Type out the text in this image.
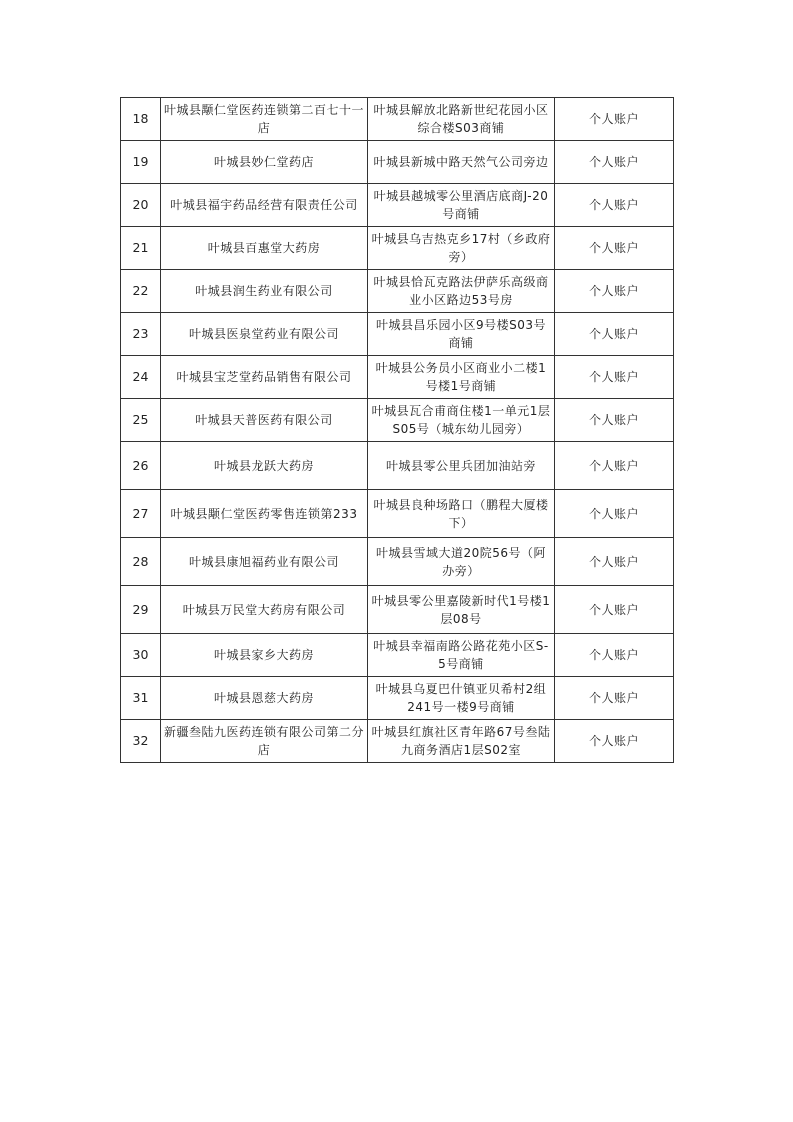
18	叶城县颙仁堂医药连锁第二百七十一店	叶城县解放北路新世纪花园小区综合楼S03商铺	个人账户
19	叶城县妙仁堂药店	叶城县新城中路天然气公司旁边	个人账户
20	叶城县福宇药品经营有限责任公司	叶城县越城零公里酒店底商J-20号商铺	个人账户
21	叶城县百惠堂大药房	叶城县乌吉热克乡17村（乡政府旁）	个人账户
22	叶城县润生药业有限公司	叶城县恰瓦克路法伊萨乐高级商业小区路边53号房	个人账户
23	叶城县医泉堂药业有限公司	叶城县昌乐园小区9号楼S03号商铺	个人账户
24	叶城县宝芝堂药品销售有限公司	叶城县公务员小区商业小二楼1号楼1号商铺	个人账户
25	叶城县天普医药有限公司	叶城县瓦合甫商住楼1一单元1层S05号（城东幼儿园旁）	个人账户
26	叶城县龙跃大药房	叶城县零公里兵团加油站旁	个人账户
27	叶城县颙仁堂医药零售连锁第233	叶城县良种场路口（鹏程大厦楼下）	个人账户
28	叶城县康旭福药业有限公司	叶城县雪域大道20院56号（阿办旁）	个人账户
29	叶城县万民堂大药房有限公司	叶城县零公里嘉陵新时代1号楼1层08号	个人账户
30	叶城县家乡大药房	叶城县幸福南路公路花苑小区S-5号商铺	个人账户
31	叶城县恩慈大药房	叶城县乌夏巴什镇亚贝希村2组241号一楼9号商铺	个人账户
32	新疆叁陆九医药连锁有限公司第二分店	叶城县红旗社区青年路67号叁陆九商务酒店1层S02室	个人账户
